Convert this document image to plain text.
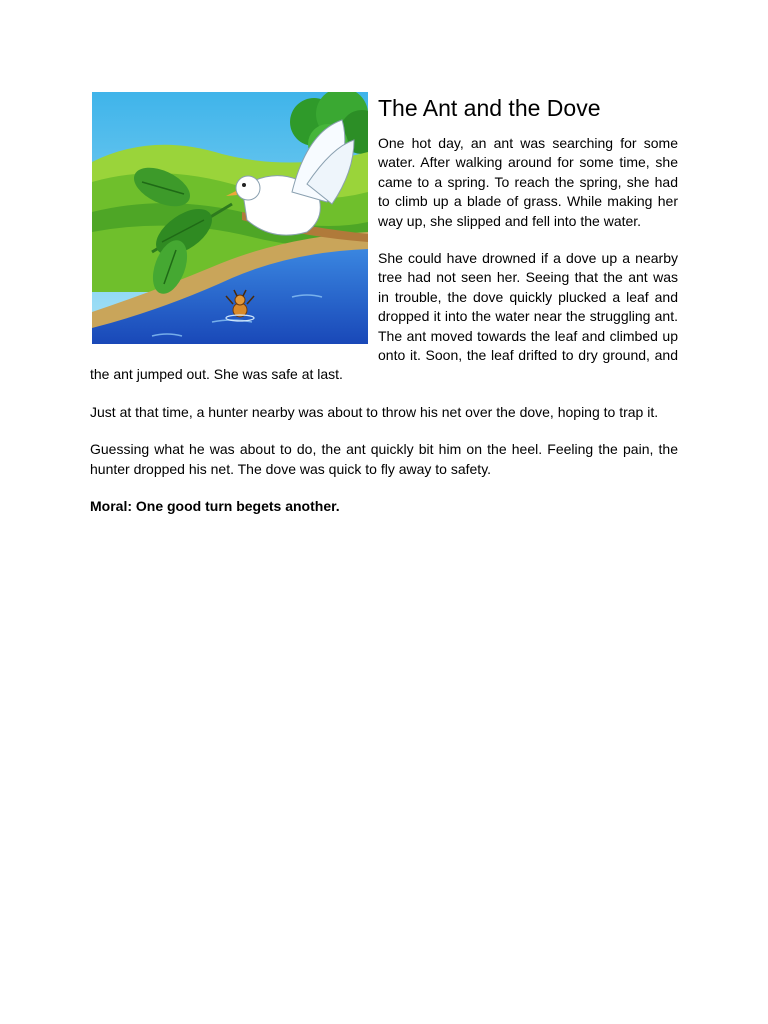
The Ant and the Dove

One hot day, an ant was searching for some water. After walking around for some time, she came to a spring. To reach the spring, she had to climb up a blade of grass. While making her way up, she slipped and fell into the water.

She could have drowned if a dove up a nearby tree had not seen her. Seeing that the ant was in trouble, the dove quickly plucked a leaf and dropped it into the water near the struggling ant. The ant moved towards the leaf and climbed up onto it. Soon, the leaf drifted to dry ground, and the ant jumped out. She was safe at last.

Just at that time, a hunter nearby was about to throw his net over the dove, hoping to trap it.

Guessing what he was about to do, the ant quickly bit him on the heel. Feeling the pain, the hunter dropped his net. The dove was quick to fly away to safety.

Moral: One good turn begets another.
